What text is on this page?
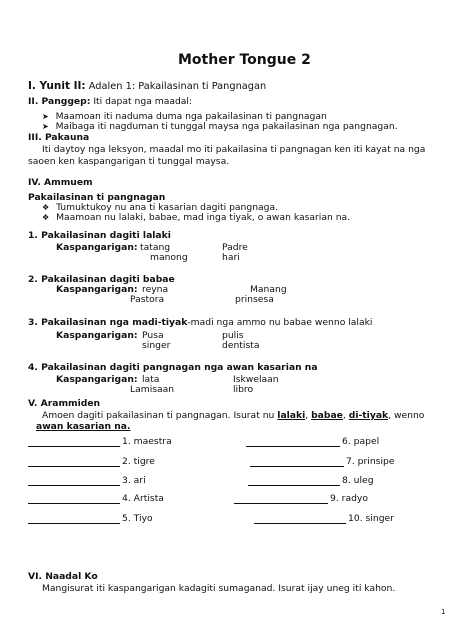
Mother Tongue 2
I. Yunit II: Adalen 1: Pakailasinan ti Pangnagan
II. Panggep: Iti dapat nga maadal:
➤ Maamoan iti naduma duma nga pakailasinan ti pangnagan
➤ Maibaga iti nagduman ti tunggal maysa nga pakailasinan nga pangnagan.
III. Pakauna
Iti daytoy nga leksyon, maadal mo iti pakailasina ti pangnagan ken iti kayat na nga
saoen ken kaspangarigan ti tunggal maysa.
IV. Ammuem
Pakailasinan ti pangnagan
❖ Tumuktukoy nu ana ti kasarian dagiti pangnaga.
❖ Maamoan nu lalaki, babae, mad inga tiyak, o awan kasarian na.
1. Pakailasinan dagiti lalaki
Kaspangarigan: tatang
manong
Padre
hari
2. Pakailasinan dagiti babae
Kaspangarigan: reyna
Pastora
Manang
prinsesa
3. Pakailasinan nga madi-tiyak-madi nga ammo nu babae wenno lalaki
Kaspangarigan: Pusa
singer
pulis
dentista
4. Pakailasinan dagiti pangnagan nga awan kasarian na
Kaspangarigan: lata
Lamisaan
Iskwelaan
libro
V. Arammiden
Amoen dagiti pakailasinan ti pangnagan. Isurat nu lalaki, babae, di-tiyak, wenno
awan kasarian na.
1. maestra
2. tigre
3. ari
4. Artista
5. Tiyo
6. papel
7. prinsipe
8. uleg
9. radyo
10. singer
VI. Naadal Ko
Mangisurat iti kaspangarigan kadagiti sumaganad. Isurat ijay uneg iti kahon.
1
